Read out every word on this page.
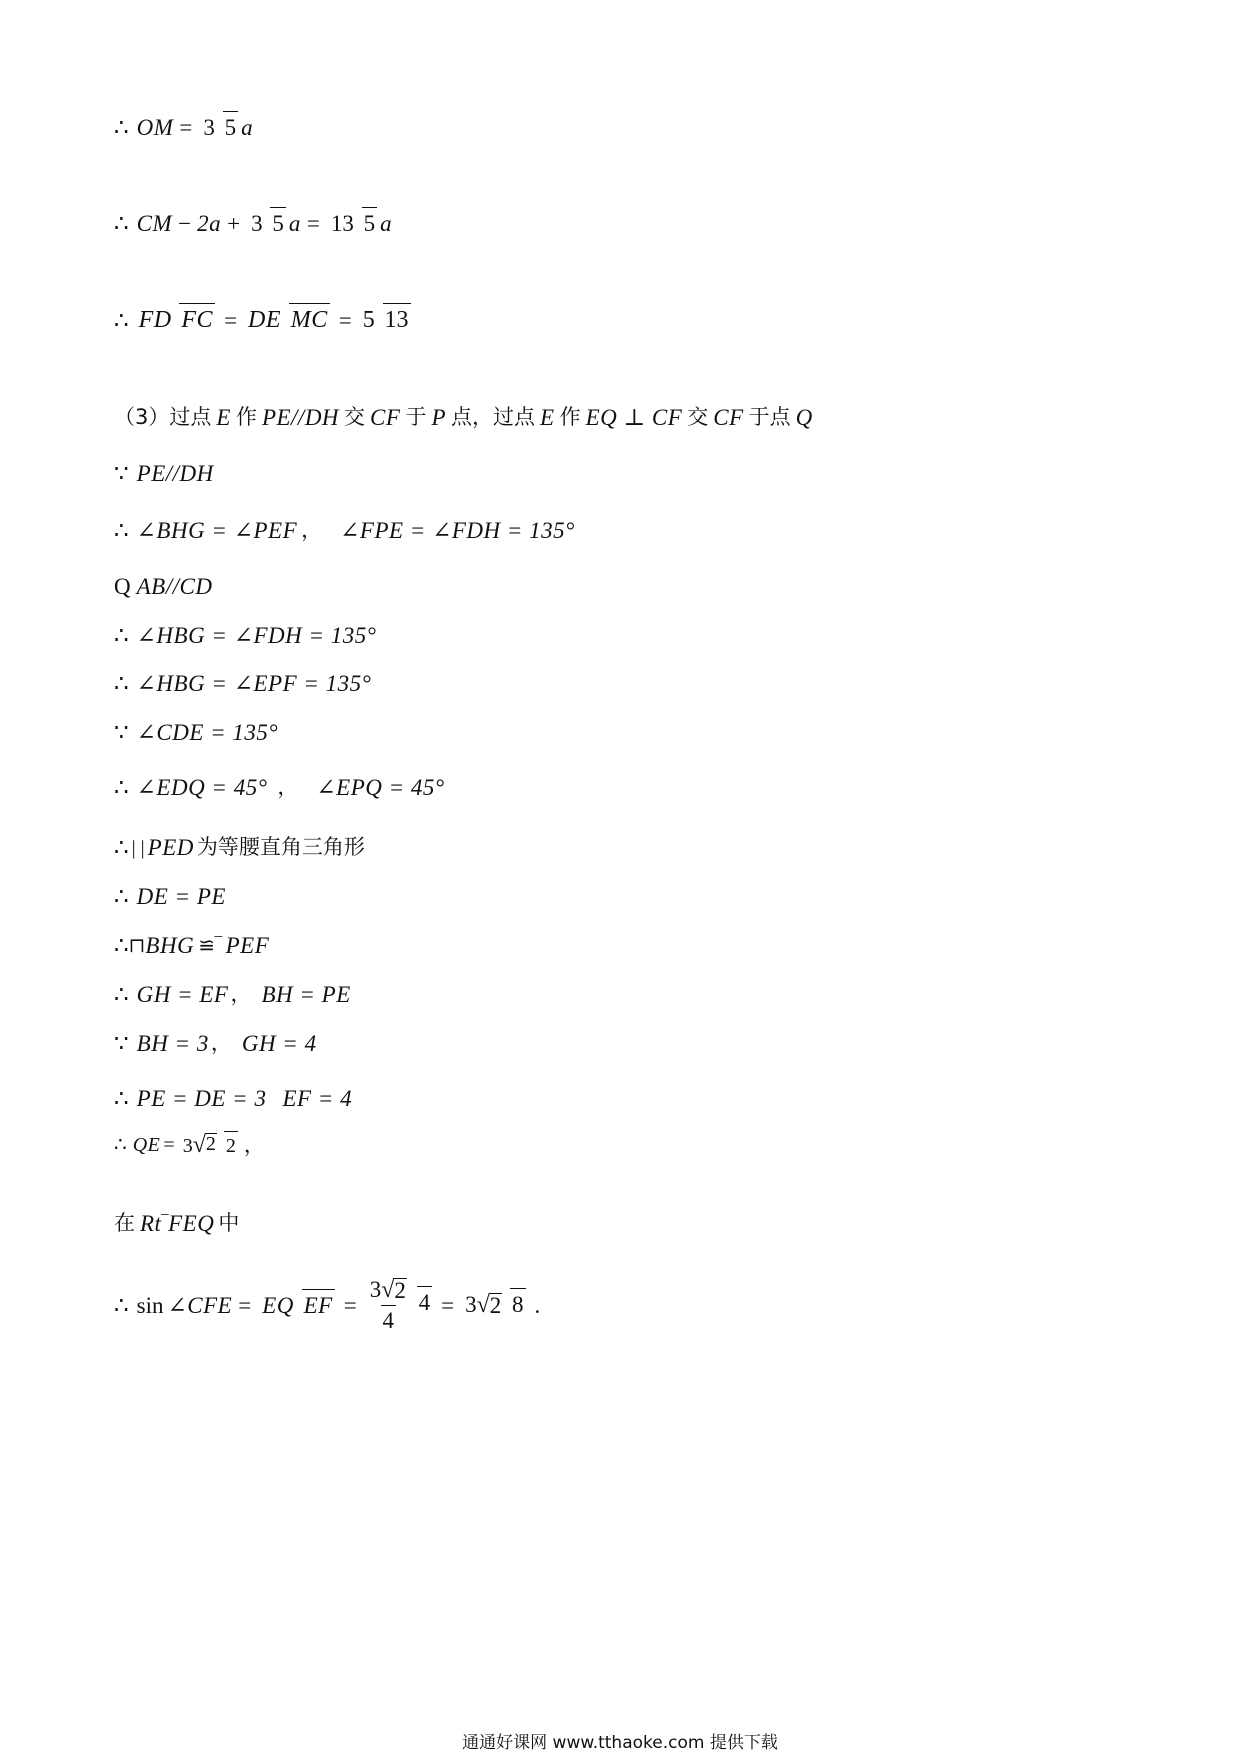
∴ OM = 3 5 a
∴ CM − 2a + 3 5 a = 13 5 a
∴ FD FC = DE MC = 5 13
（3）过点 E 作 PE//DH 交 CF 于 P 点，过点 E 作 EQ ⊥ CF 交 CF 于点 Q
∵ PE//DH
∴ ∠BHG = ∠PEF ， ∠FPE = ∠FDH = 135°
Q AB//CD
∴ ∠HBG = ∠FDH = 135°
∴ ∠HBG = ∠EPF = 135°
∵ ∠CDE = 135°
∴ ∠EDQ = 45° ， ∠EPQ = 45°
∴ | | PED 为等腰直角三角形
∴ DE = PE
∴ ⊓ BHG ≌‾ PEF
∴ GH = EF ， BH = PE
∵ BH = 3 ， GH = 4
∴ PE = DE = 3 EF = 4
∴ QE = 3 √ 2 2 ，
在 Rt ‾ FEQ 中
∴ sin ∠CFE = EQ EF = $\frac{3 √ 2}{4} 4 = 3$ √ 2 8 .
通通好课网 www.tthaoke.com 提供下载
